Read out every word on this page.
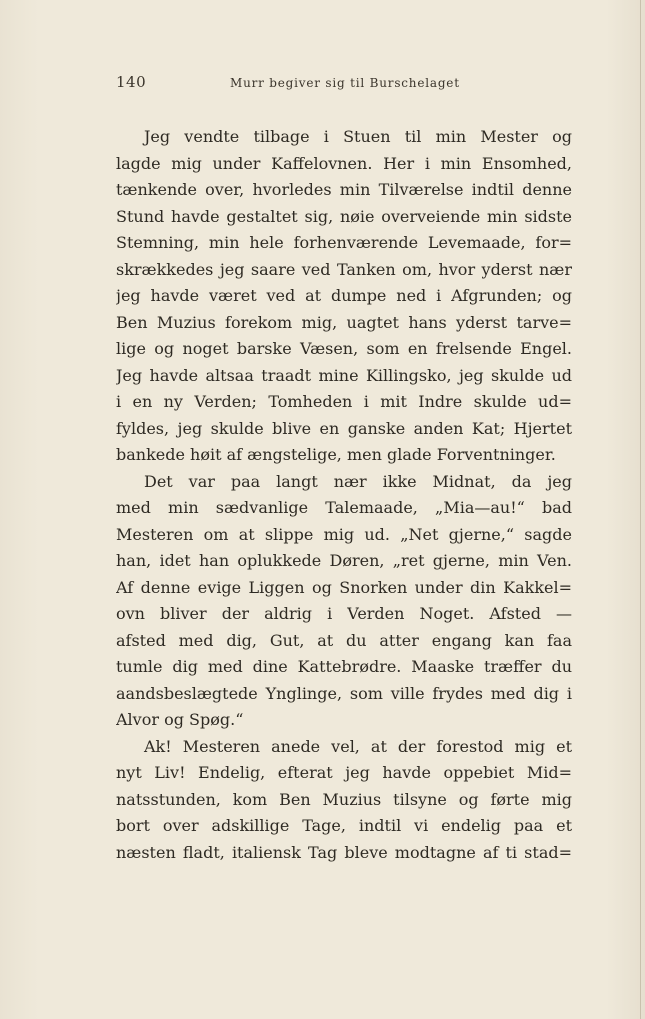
140	Murr begiver sig til Burschelaget
Jeg vendte tilbage i Stuen til min Mester og
lagde mig under Kaffelovnen. Her i min Ensomhed,
tænkende over, hvorledes min Tilværelse indtil denne
Stund havde gestaltet sig, nøie overveiende min sidste
Stemning, min hele forhenværende Levemaade, for=
skrækkedes jeg saare ved Tanken om, hvor yderst nær
jeg havde været ved at dumpe ned i Afgrunden; og
Ben Muzius forekom mig, uagtet hans yderst tarve=
lige og noget barske Væsen, som en frelsende Engel.
Jeg havde altsaa traadt mine Killingsko, jeg skulde ud
i en ny Verden; Tomheden i mit Indre skulde ud=
fyldes, jeg skulde blive en ganske anden Kat; Hjertet
bankede høit af ængstelige, men glade Forventninger.
Det var paa langt nær ikke Midnat, da jeg
med min sædvanlige Talemaade, „Mia—au!“ bad
Mesteren om at slippe mig ud. „Net gjerne,“ sagde
han, idet han oplukkede Døren, „ret gjerne, min Ven.
Af denne evige Liggen og Snorken under din Kakkel=
ovn bliver der aldrig i Verden Noget. Afsted —
afsted med dig, Gut, at du atter engang kan faa
tumle dig med dine Kattebrødre. Maaske træffer du
aandsbeslægtede Ynglinge, som ville frydes med dig i
Alvor og Spøg.“
Ak! Mesteren anede vel, at der forestod mig et
nyt Liv! Endelig, efterat jeg havde oppebiet Mid=
natsstunden, kom Ben Muzius tilsyne og førte mig
bort over adskillige Tage, indtil vi endelig paa et
næsten fladt, italiensk Tag bleve modtagne af ti stad=
